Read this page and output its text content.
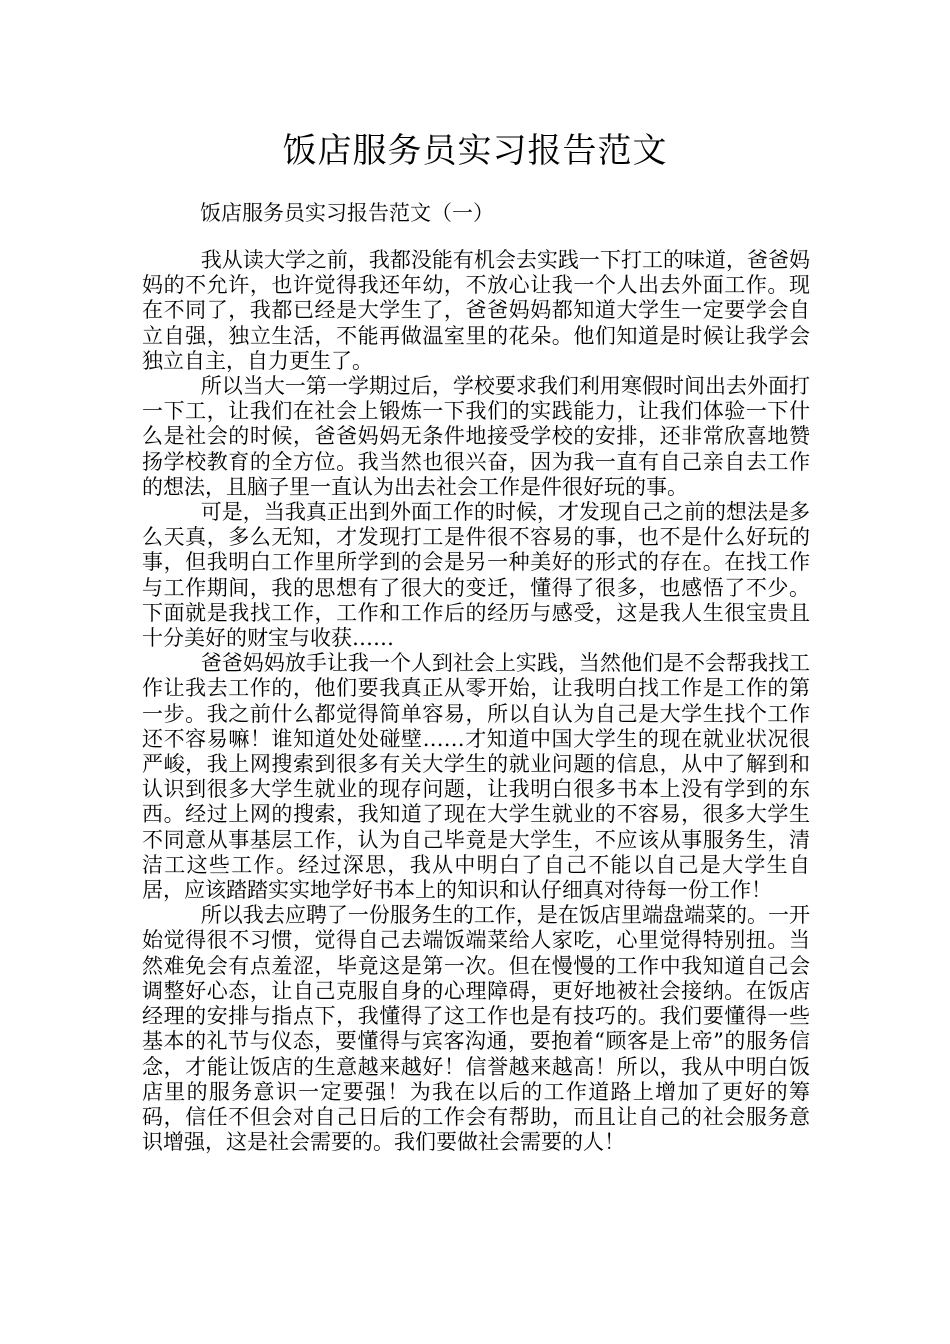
饭店服务员实习报告范文

饭店服务员实习报告范文（一）

我从读大学之前，我都没能有机会去实践一下打工的味道，爸爸妈妈的不允许，也许觉得我还年幼，不放心让我一个人出去外面工作。现在不同了，我都已经是大学生了，爸爸妈妈都知道大学生一定要学会自立自强，独立生活，不能再做温室里的花朵。他们知道是时候让我学会独立自主，自力更生了。

所以当大一第一学期过后，学校要求我们利用寒假时间出去外面打一下工，让我们在社会上锻炼一下我们的实践能力，让我们体验一下什么是社会的时候，爸爸妈妈无条件地接受学校的安排，还非常欣喜地赞扬学校教育的全方位。我当然也很兴奋，因为我一直有自己亲自去工作的想法，且脑子里一直认为出去社会工作是件很好玩的事。

可是，当我真正出到外面工作的时候，才发现自己之前的想法是多么天真，多么无知，才发现打工是件很不容易的事，也不是什么好玩的事，但我明白工作里所学到的会是另一种美好的形式的存在。在找工作与工作期间，我的思想有了很大的变迁，懂得了很多，也感悟了不少。下面就是我找工作，工作和工作后的经历与感受，这是我人生很宝贵且十分美好的财宝与收获……

爸爸妈妈放手让我一个人到社会上实践，当然他们是不会帮我找工作让我去工作的，他们要我真正从零开始，让我明白找工作是工作的第一步。我之前什么都觉得简单容易，所以自认为自己是大学生找个工作还不容易嘛！谁知道处处碰壁……才知道中国大学生的现在就业状况很严峻，我上网搜索到很多有关大学生的就业问题的信息，从中了解到和认识到很多大学生就业的现存问题，让我明白很多书本上没有学到的东西。经过上网的搜索，我知道了现在大学生就业的不容易，很多大学生不同意从事基层工作，认为自己毕竟是大学生，不应该从事服务生，清洁工这些工作。经过深思，我从中明白了自己不能以自己是大学生自居，应该踏踏实实地学好书本上的知识和认仔细真对待每一份工作！

所以我去应聘了一份服务生的工作，是在饭店里端盘端菜的。一开始觉得很不习惯，觉得自己去端饭端菜给人家吃，心里觉得特别扭。当然难免会有点羞涩，毕竟这是第一次。但在慢慢的工作中我知道自己会调整好心态，让自己克服自身的心理障碍，更好地被社会接纳。在饭店经理的安排与指点下，我懂得了这工作也是有技巧的。我们要懂得一些基本的礼节与仪态，要懂得与宾客沟通，要抱着“顾客是上帝”的服务信念，才能让饭店的生意越来越好！信誉越来越高！所以，我从中明白饭店里的服务意识一定要强！为我在以后的工作道路上增加了更好的筹码，信任不但会对自己日后的工作会有帮助，而且让自己的社会服务意识增强，这是社会需要的。我们要做社会需要的人！
